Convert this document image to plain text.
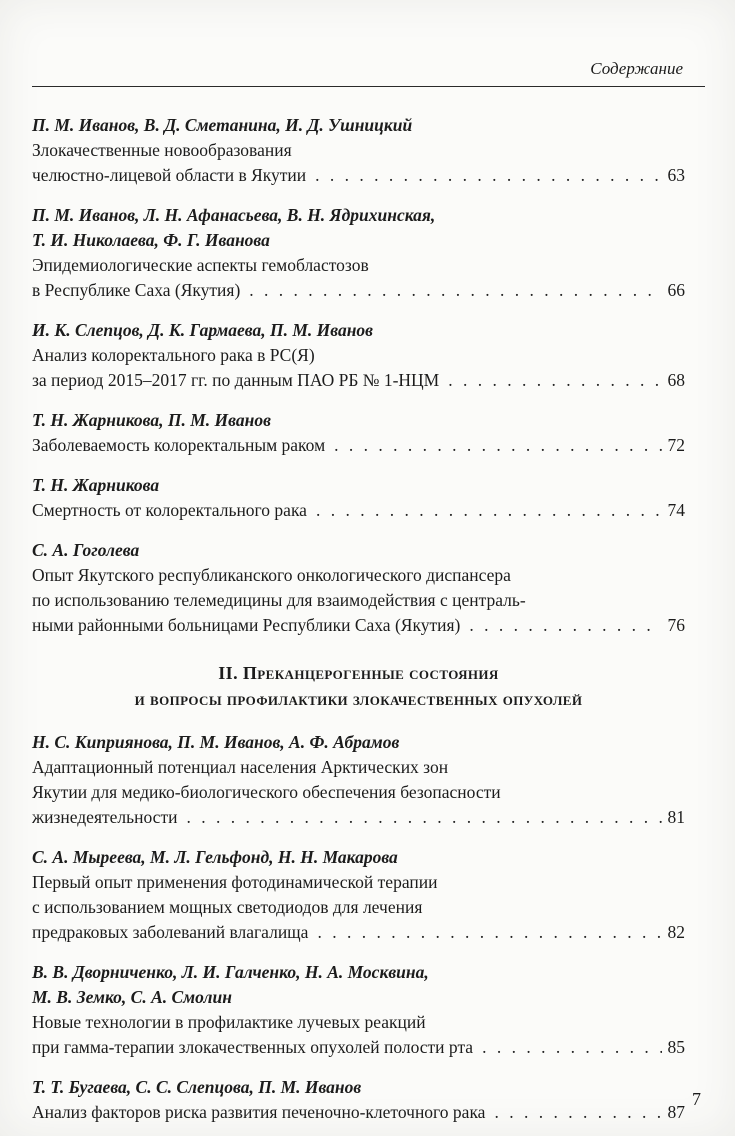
Содержание
П. М. Иванов, В. Д. Сметанина, И. Д. Ушницкий
Злокачественные новообразования
челюстно-лицевой области в Якутии . . .	63
П. М. Иванов, Л. Н. Афанасьева, В. Н. Ядрихинская,
Т. И. Николаева, Ф. Г. Иванова
Эпидемиологические аспекты гемобластозов
в Республике Саха (Якутия) . . .	66
И. К. Слепцов, Д. К. Гармаева, П. М. Иванов
Анализ колоректального рака в РС(Я)
за период 2015–2017 гг. по данным ПАО РБ № 1-НЦМ . . .	68
Т. Н. Жарникова, П. М. Иванов
Заболеваемость колоректальным раком . . .	72
Т. Н. Жарникова
Смертность от колоректального рака . . .	74
С. А. Гоголева
Опыт Якутского республиканского онкологического диспансера
по использованию телемедицины для взаимодействия с централь-
ными районными больницами Республики Саха (Якутия) . . .	76
II. Преканцерогенные состояния
и вопросы профилактики злокачественных опухолей
Н. С. Киприянова, П. М. Иванов, А. Ф. Абрамов
Адаптационный потенциал населения Арктических зон
Якутии для медико-биологического обеспечения безопасности
жизнедеятельности . . .	81
С. А. Мыреева, М. Л. Гельфонд, Н. Н. Макарова
Первый опыт применения фотодинамической терапии
с использованием мощных светодиодов для лечения
предраковых заболеваний влагалища . . .	82
В. В. Дворниченко, Л. И. Галченко, Н. А. Москвина,
М. В. Земко, С. А. Смолин
Новые технологии в профилактике лучевых реакций
при гамма-терапии злокачественных опухолей полости рта . . .	85
Т. Т. Бугаева, С. С. Слепцова, П. М. Иванов
Анализ факторов риска развития печеночно-клеточного рака . . .	87
7
